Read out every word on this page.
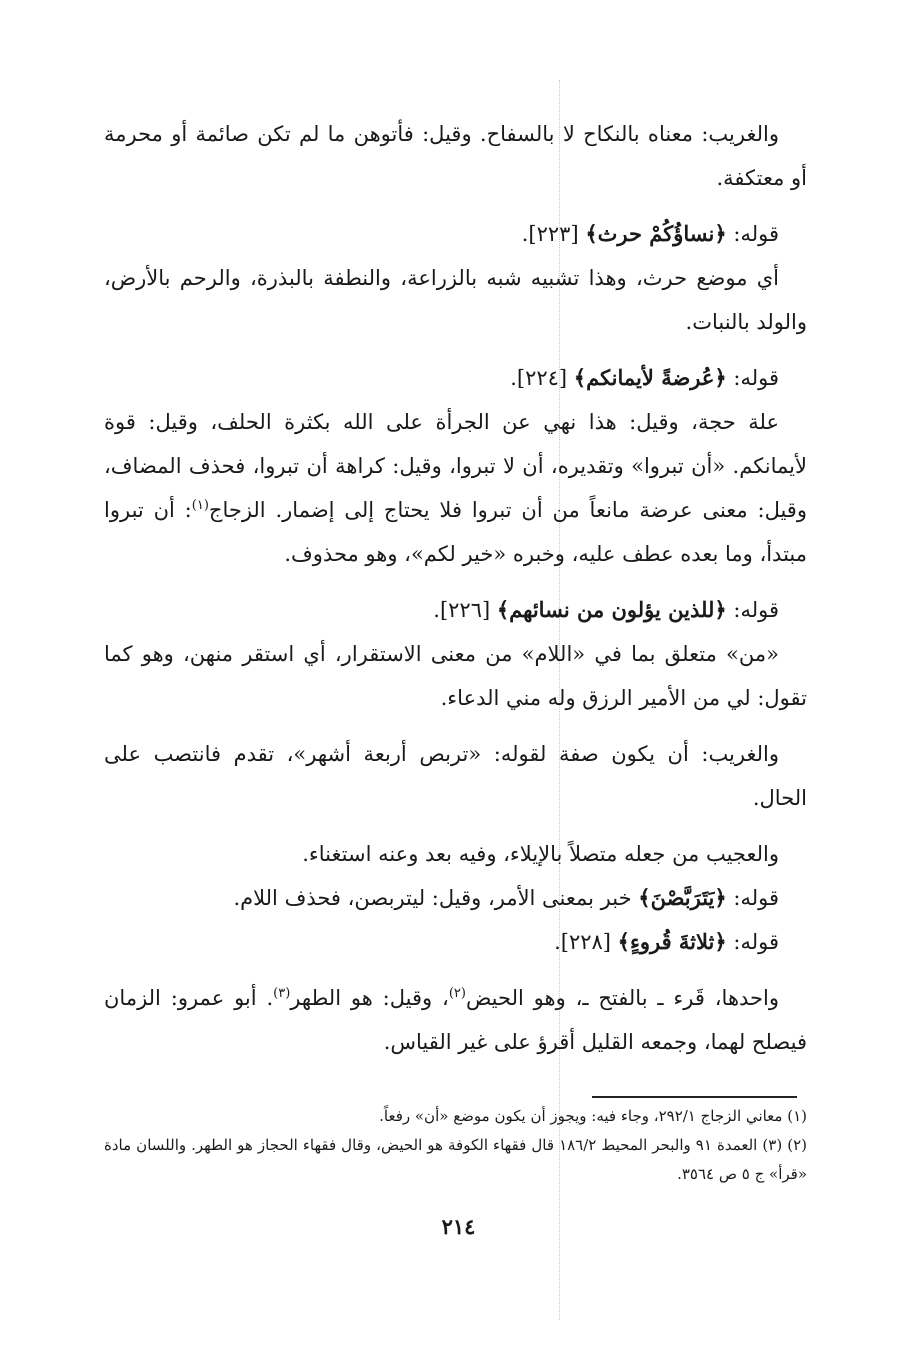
والغريب: معناه بالنكاح لا بالسفاح. وقيل: فأتوهن ما لم تكن صائمة أو محرمة أو معتكفة.

قوله: ﴿نساؤُكُمْ حرث﴾ [٢٢٣].

أي موضع حرث، وهذا تشبيه شبه بالزراعة، والنطفة بالبذرة، والرحم بالأرض، والولد بالنبات.

قوله: ﴿عُرضةً لأيمانكم﴾ [٢٢٤].

علة حجة، وقيل: هذا نهي عن الجرأة على الله بكثرة الحلف، وقيل: قوة لأيمانكم. «أن تبروا» وتقديره، أن لا تبروا، وقيل: كراهة أن تبروا، فحذف المضاف، وقيل: معنى عرضة مانعاً من أن تبروا فلا يحتاج إلى إضمار. الزجاج$^{(١)}$: أن تبروا مبتدأ، وما بعده عطف عليه، وخبره «خير لكم»، وهو محذوف.

قوله: ﴿للذين يؤلون من نسائهم﴾ [٢٢٦].

«من» متعلق بما في «اللام» من معنى الاستقرار، أي استقر منهن، وهو كما تقول: لي من الأمير الرزق وله مني الدعاء.

والغريب: أن يكون صفة لقوله: «تربص أربعة أشهر»، تقدم فانتصب على الحال.

والعجيب من جعله متصلاً بالإيلاء، وفيه بعد وعنه استغناء.

قوله: ﴿يَتَرَبَّصْنَ﴾ خبر بمعنى الأمر، وقيل: ليتربصن، فحذف اللام.

قوله: ﴿ثلاثةَ قُروءٍ﴾ [٢٢٨].

واحدها، قَرء ـ بالفتح ـ، وهو الحيض$^{(٢)}$، وقيل: هو الطهر$^{(٣)}$. أبو عمرو: الزمان فيصلح لهما، وجمعه القليل أقرؤ على غير القياس.

(١) معاني الزجاج ٢٩٢/١، وجاء فيه: ويجوز أن يكون موضع «أن» رفعاً.

(٢) (٣) العمدة ٩١ والبحر المحيط ١٨٦/٢ قال فقهاء الكوفة هو الحيض، وقال فقهاء الحجاز هو الطهر. واللسان مادة «قرأ» ج ٥ ص ٣٥٦٤.

٢١٤
